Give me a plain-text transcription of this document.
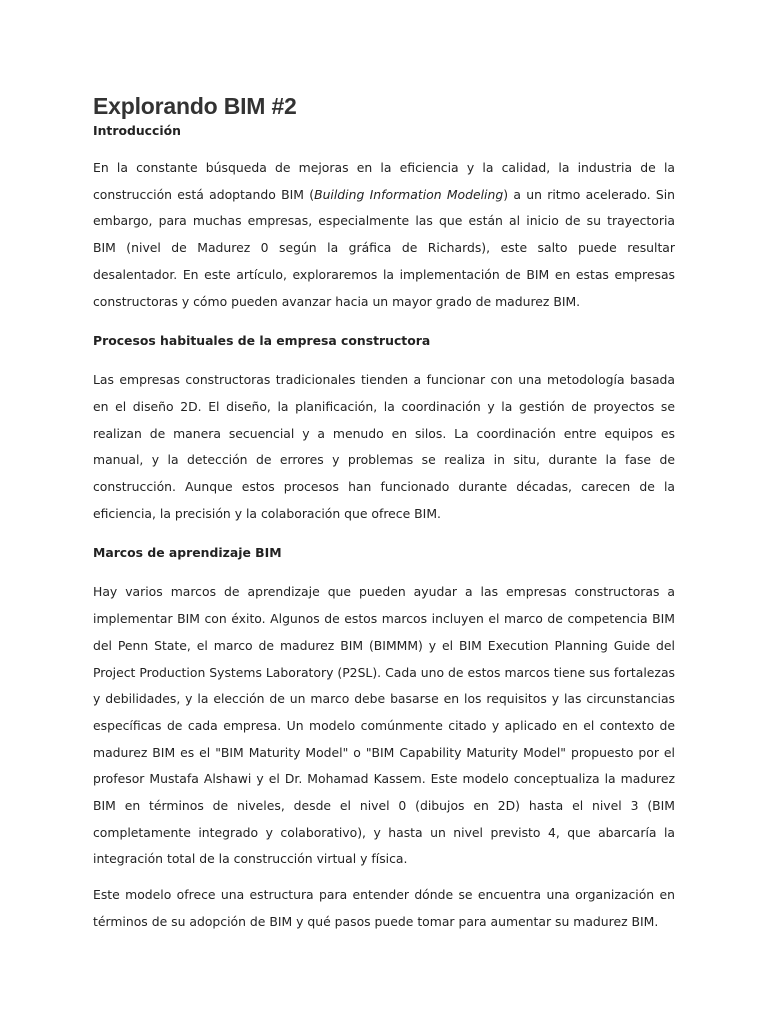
Explorando BIM #2
Introducción

En la constante búsqueda de mejoras en la eficiencia y la calidad, la industria de la construcción está adoptando BIM (Building Information Modeling) a un ritmo acelerado. Sin embargo, para muchas empresas, especialmente las que están al inicio de su trayectoria BIM (nivel de Madurez 0 según la gráfica de Richards), este salto puede resultar desalentador. En este artículo, exploraremos la implementación de BIM en estas empresas constructoras y cómo pueden avanzar hacia un mayor grado de madurez BIM.

Procesos habituales de la empresa constructora

Las empresas constructoras tradicionales tienden a funcionar con una metodología basada en el diseño 2D. El diseño, la planificación, la coordinación y la gestión de proyectos se realizan de manera secuencial y a menudo en silos. La coordinación entre equipos es manual, y la detección de errores y problemas se realiza in situ, durante la fase de construcción. Aunque estos procesos han funcionado durante décadas, carecen de la eficiencia, la precisión y la colaboración que ofrece BIM.

Marcos de aprendizaje BIM

Hay varios marcos de aprendizaje que pueden ayudar a las empresas constructoras a implementar BIM con éxito. Algunos de estos marcos incluyen el marco de competencia BIM del Penn State, el marco de madurez BIM (BIMMM) y el BIM Execution Planning Guide del Project Production Systems Laboratory (P2SL). Cada uno de estos marcos tiene sus fortalezas y debilidades, y la elección de un marco debe basarse en los requisitos y las circunstancias específicas de cada empresa. Un modelo comúnmente citado y aplicado en el contexto de madurez BIM es el "BIM Maturity Model" o "BIM Capability Maturity Model" propuesto por el profesor Mustafa Alshawi y el Dr. Mohamad Kassem. Este modelo conceptualiza la madurez BIM en términos de niveles, desde el nivel 0 (dibujos en 2D) hasta el nivel 3 (BIM completamente integrado y colaborativo), y hasta un nivel previsto 4, que abarcaría la integración total de la construcción virtual y física.

Este modelo ofrece una estructura para entender dónde se encuentra una organización en términos de su adopción de BIM y qué pasos puede tomar para aumentar su madurez BIM.
